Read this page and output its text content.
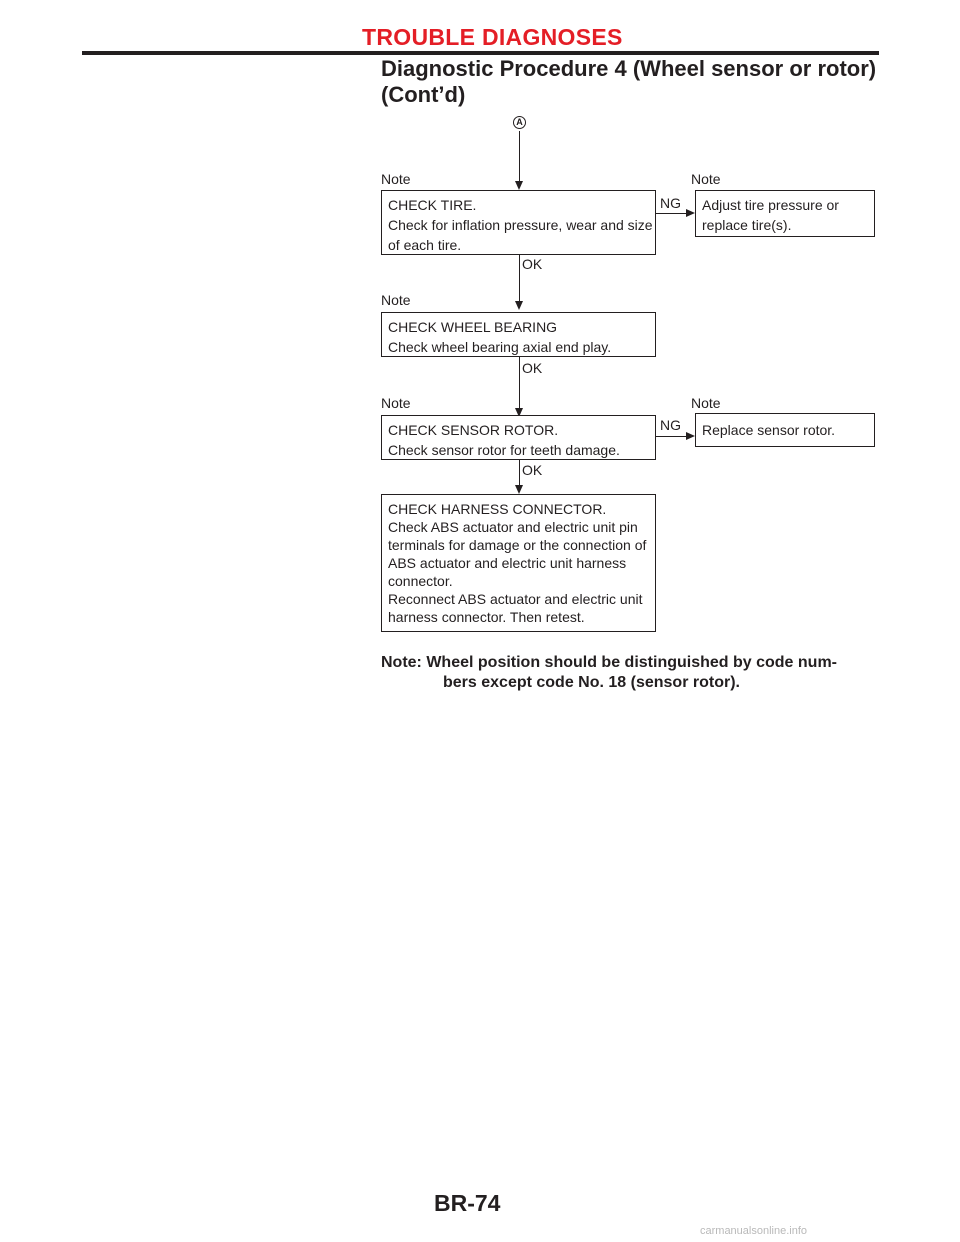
TROUBLE DIAGNOSES
Diagnostic Procedure 4 (Wheel sensor or rotor)
(Cont’d)
A
Note
CHECK TIRE.
Check for inflation pressure, wear and size
of each tire.
NG
Note
Adjust tire pressure or
replace tire(s).
OK
Note
CHECK WHEEL BEARING
Check wheel bearing axial end play.
OK
Note
CHECK SENSOR ROTOR.
Check sensor rotor for teeth damage.
NG
Note
Replace sensor rotor.
OK
CHECK HARNESS CONNECTOR.
Check ABS actuator and electric unit pin
terminals for damage or the connection of
ABS actuator and electric unit harness
connector.
Reconnect ABS actuator and electric unit
harness connector. Then retest.
Note: Wheel position should be distinguished by code num-
bers except code No. 18 (sensor rotor).
BR-74
carmanualsonline.info
